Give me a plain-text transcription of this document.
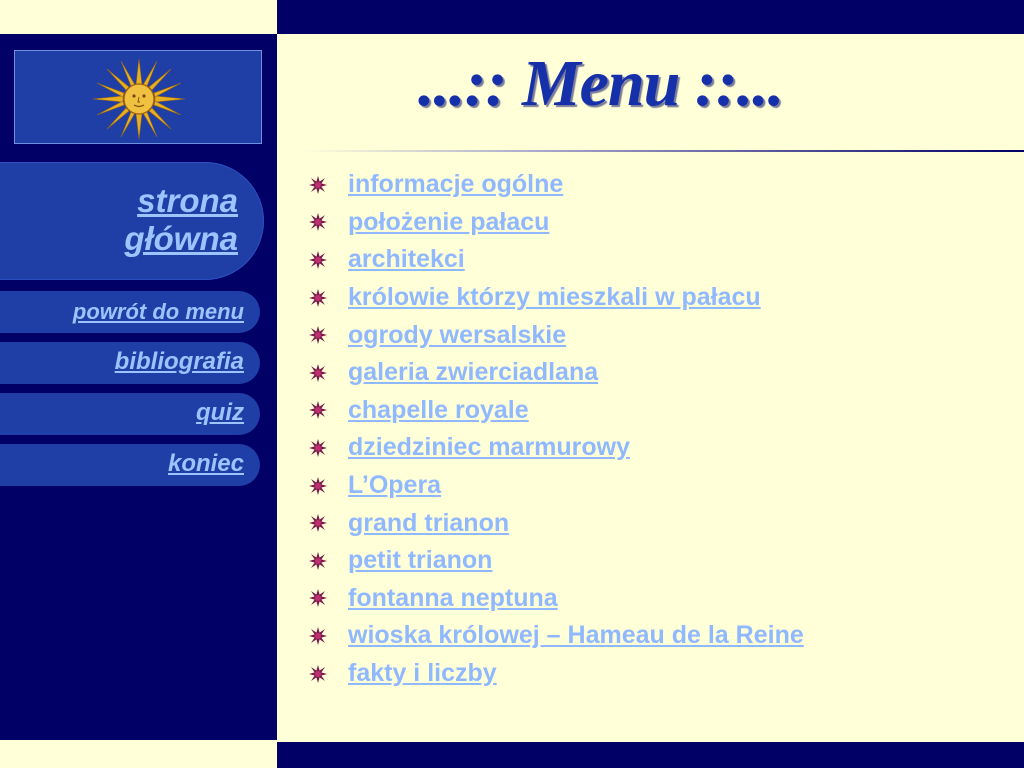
strona
główna
powrót do menu
bibliografia
quiz
koniec
...:: Menu ::...
informacje ogólne
położenie pałacu
architekci
królowie którzy mieszkali w pałacu
ogrody wersalskie
galeria zwierciadlana
chapelle royale
dziedziniec marmurowy
L’Opera
grand trianon
petit trianon
fontanna neptuna
wioska królowej – Hameau de la Reine
fakty i liczby
